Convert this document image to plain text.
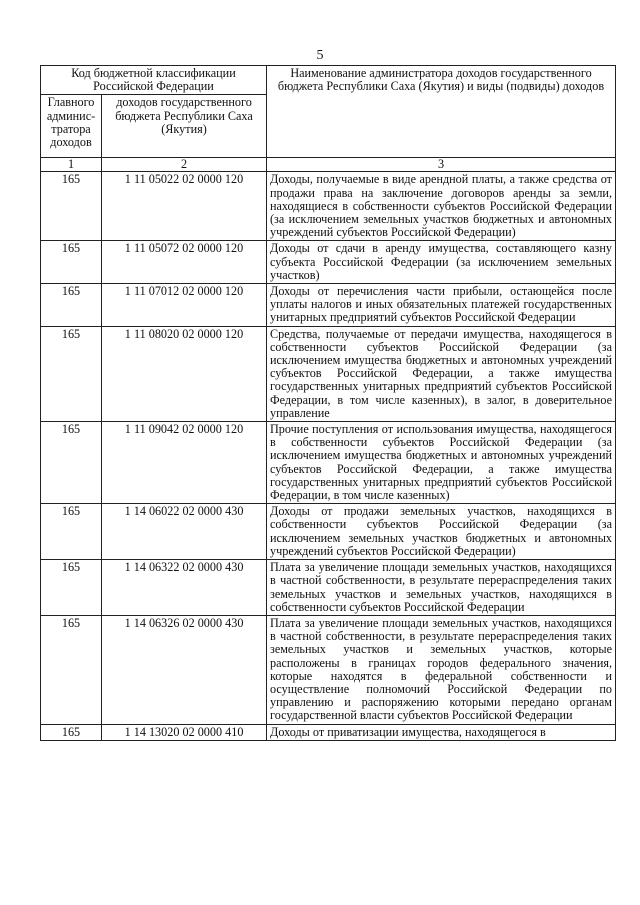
5
Код бюджетной классификации Российской Федерации		Наименование администратора доходов государственного бюджета Республики Саха (Якутия) и виды (подвиды) доходов
Главного админис-тратора доходов	доходов государственного бюджета Республики Саха (Якутия)	
1	2	3
165	1 11 05022 02 0000 120	Доходы, получаемые в виде арендной платы, а также средства от продажи права на заключение договоров аренды за земли, находящиеся в собственности субъектов Российской Федерации (за исключением земельных участков бюджетных и автономных учреждений субъектов Российской Федерации)
165	1 11 05072 02 0000 120	Доходы от сдачи в аренду имущества, составляющего казну субъекта Российской Федерации (за исключением земельных участков)
165	1 11 07012 02 0000 120	Доходы от перечисления части прибыли, остающейся после уплаты налогов и иных обязательных платежей государственных унитарных предприятий субъектов Российской Федерации
165	1 11 08020 02 0000 120	Средства, получаемые от передачи имущества, находящегося в собственности субъектов Российской Федерации (за исключением имущества бюджетных и автономных учреждений субъектов Российской Федерации, а также имущества государственных унитарных предприятий субъектов Российской Федерации, в том числе казенных), в залог, в доверительное управление
165	1 11 09042 02 0000 120	Прочие поступления от использования имущества, находящегося в собственности субъектов Российской Федерации (за исключением имущества бюджетных и автономных учреждений субъектов Российской Федерации, а также имущества государственных унитарных предприятий субъектов Российской Федерации, в том числе казенных)
165	1 14 06022 02 0000 430	Доходы от продажи земельных участков, находящихся в собственности субъектов Российской Федерации (за исключением земельных участков бюджетных и автономных учреждений субъектов Российской Федерации)
165	1 14 06322 02 0000 430	Плата за увеличение площади земельных участков, находящихся в частной собственности, в результате перераспределения таких земельных участков и земельных участков, находящихся в собственности субъектов Российской Федерации
165	1 14 06326 02 0000 430	Плата за увеличение площади земельных участков, находящихся в частной собственности, в результате перераспределения таких земельных участков и земельных участков, которые расположены в границах городов федерального значения, которые находятся в федеральной собственности и осуществление полномочий Российской Федерации по управлению и распоряжению которыми передано органам государственной власти субъектов Российской Федерации
165	1 14 13020 02 0000 410	Доходы от приватизации имущества, находящегося в
